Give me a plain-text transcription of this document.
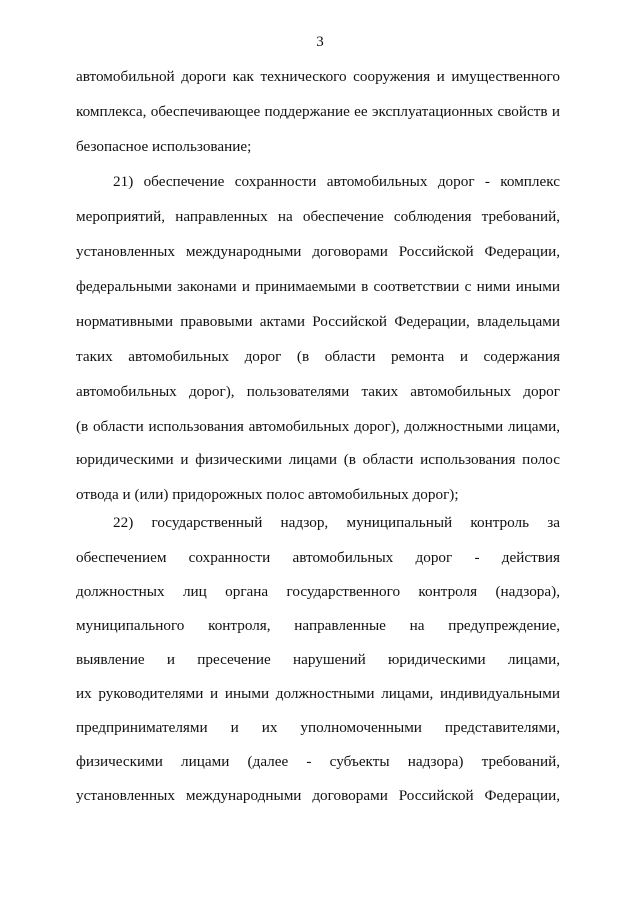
3
автомобильной дороги как технического сооружения и имущественного
комплекса, обеспечивающее поддержание ее эксплуатационных свойств и
безопасное использование;
21) обеспечение сохранности автомобильных дорог - комплекс
мероприятий, направленных на обеспечение соблюдения требований,
установленных международными договорами Российской Федерации,
федеральными законами и принимаемыми в соответствии с ними иными
нормативными правовыми актами Российской Федерации, владельцами
таких автомобильных дорог (в области ремонта и содержания
автомобильных дорог), пользователями таких автомобильных дорог
(в области использования автомобильных дорог), должностными лицами,
юридическими и физическими лицами (в области использования полос
отвода и (или) придорожных полос автомобильных дорог);
22) государственный надзор, муниципальный контроль за
обеспечением сохранности автомобильных дорог - действия
должностных лиц органа государственного контроля (надзора),
муниципального контроля, направленные на предупреждение,
выявление и пресечение нарушений юридическими лицами,
их руководителями и иными должностными лицами, индивидуальными
предпринимателями и их уполномоченными представителями,
физическими лицами (далее - субъекты надзора) требований,
установленных международными договорами Российской Федерации,
